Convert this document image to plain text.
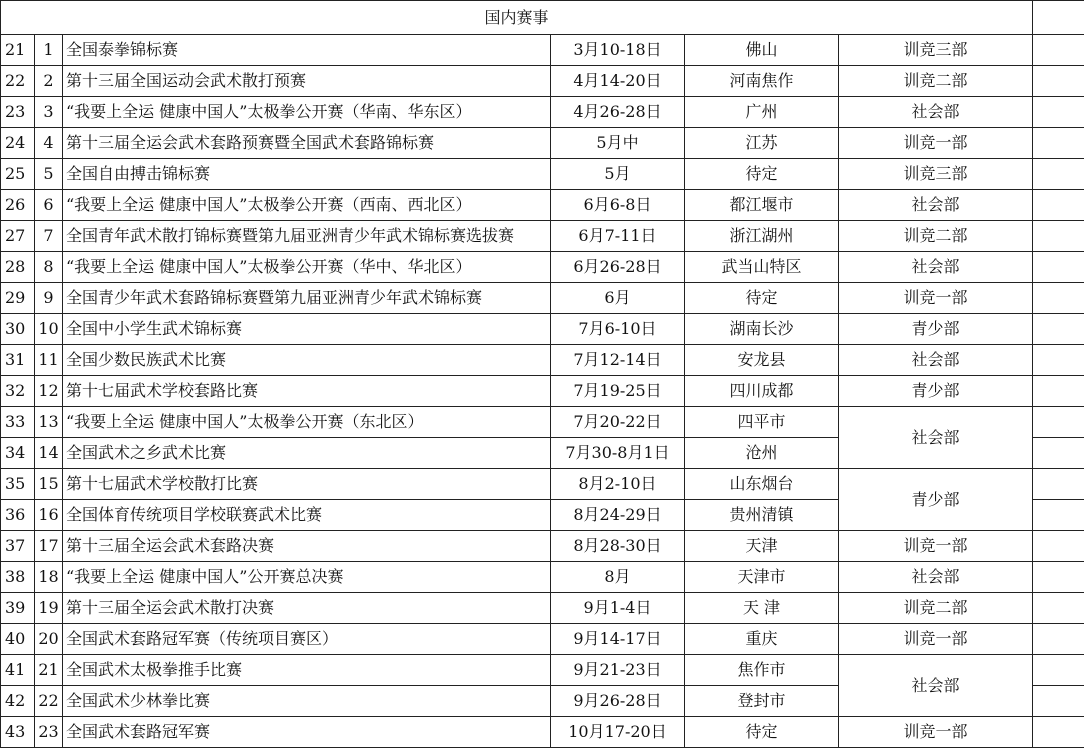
国内赛事						
21	1	全国泰拳锦标赛	3月10-18日	佛山	训竞三部	
22	2	第十三届全国运动会武术散打预赛	4月14-20日	河南焦作	训竞二部	
23	3	“我要上全运 健康中国人”太极拳公开赛（华南、华东区）	4月26-28日	广州	社会部	
24	4	第十三届全运会武术套路预赛暨全国武术套路锦标赛	5月中	江苏	训竞一部	
25	5	全国自由搏击锦标赛	5月	待定	训竞三部	
26	6	“我要上全运 健康中国人”太极拳公开赛（西南、西北区）	6月6-8日	都江堰市	社会部	
27	7	全国青年武术散打锦标赛暨第九届亚洲青少年武术锦标赛选拔赛	6月7-11日	浙江湖州	训竞二部	
28	8	“我要上全运 健康中国人”太极拳公开赛（华中、华北区）	6月26-28日	武当山特区	社会部	
29	9	全国青少年武术套路锦标赛暨第九届亚洲青少年武术锦标赛	6月	待定	训竞一部	
30	10	全国中小学生武术锦标赛	7月6-10日	湖南长沙	青少部	
31	11	全国少数民族武术比赛	7月12-14日	安龙县	社会部	
32	12	第十七届武术学校套路比赛	7月19-25日	四川成都	青少部	
33	13	“我要上全运 健康中国人”太极拳公开赛（东北区）	7月20-22日	四平市	社会部	
34	14	全国武术之乡武术比赛	7月30-8月1日	沧州		
35	15	第十七届武术学校散打比赛	8月2-10日	山东烟台	青少部	
36	16	全国体育传统项目学校联赛武术比赛	8月24-29日	贵州清镇		
37	17	第十三届全运会武术套路决赛	8月28-30日	天津	训竞一部	
38	18	“我要上全运 健康中国人”公开赛总决赛	8月	天津市	社会部	
39	19	第十三届全运会武术散打决赛	9月1-4日	天 津	训竞二部	
40	20	全国武术套路冠军赛（传统项目赛区）	9月14-17日	重庆	训竞一部	
41	21	全国武术太极拳推手比赛	9月21-23日	焦作市	社会部	
42	22	全国武术少林拳比赛	9月26-28日	登封市		
43	23	全国武术套路冠军赛	10月17-20日	待定	训竞一部	
